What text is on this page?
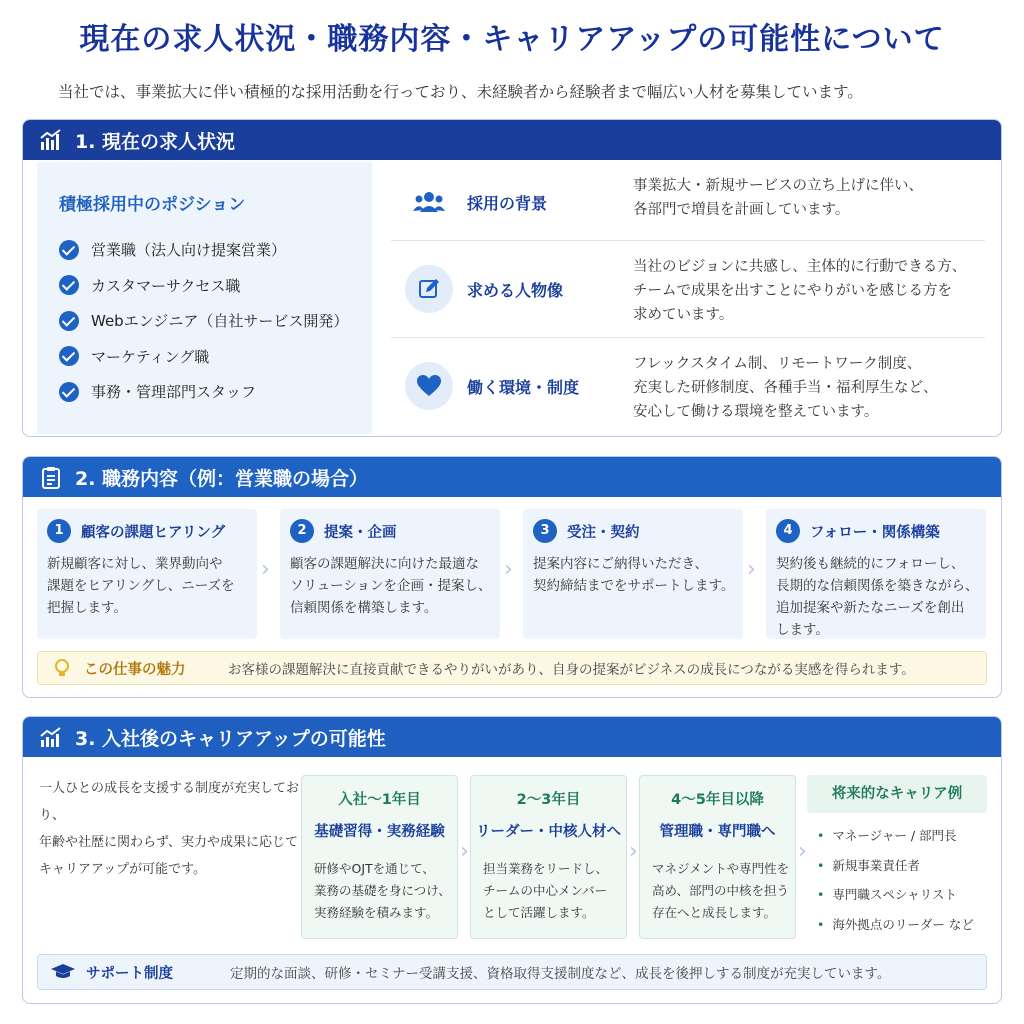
現在の求人状況・職務内容・キャリアアップの可能性について
当社では、事業拡大に伴い積極的な採用活動を行っており、未経験者から経験者まで幅広い人材を募集しています。
1. 現在の求人状況
積極採用中のポジション
営業職（法人向け提案営業）
カスタマーサクセス職
Webエンジニア（自社サービス開発）
マーケティング職
事務・管理部門スタッフ
採用の背景
事業拡大・新規サービスの立ち上げに伴い、
各部門で増員を計画しています。
求める人物像
当社のビジョンに共感し、主体的に行動できる方、
チームで成果を出すことにやりがいを感じる方を
求めています。
働く環境・制度
フレックスタイム制、リモートワーク制度、
充実した研修制度、各種手当・福利厚生など、
安心して働ける環境を整えています。
2. 職務内容（例：営業職の場合）
1	顧客の課題ヒアリング
新規顧客に対し、業界動向や
課題をヒアリングし、ニーズを
把握します。
›
2	提案・企画
顧客の課題解決に向けた最適な
ソリューションを企画・提案し、
信頼関係を構築します。
›
3	受注・契約
提案内容にご納得いただき、
契約締結までをサポートします。
›
4	フォロー・関係構築
契約後も継続的にフォローし、
長期的な信頼関係を築きながら、
追加提案や新たなニーズを創出
します。
この仕事の魅力	お客様の課題解決に直接貢献できるやりがいがあり、自身の提案がビジネスの成長につながる実感を得られます。
3. 入社後のキャリアアップの可能性
一人ひとの成長を支援する制度が充実しており、
年齢や社歴に関わらず、実力や成果に応じて
キャリアアップが可能です。
入社〜1年目
基礎習得・実務経験
研修やOJTを通じて、
業務の基礎を身につけ、
実務経験を積みます。
›
2〜3年目
リーダー・中核人材へ
担当業務をリードし、
チームの中心メンバー
として活躍します。
›
4〜5年目以降
管理職・専門職へ
マネジメントや専門性を
高め、部門の中核を担う
存在へと成長します。
›
将来的なキャリア例
• マネージャー / 部門長
• 新規事業責任者
• 専門職スペシャリスト
• 海外拠点のリーダー など
サポート制度	定期的な面談、研修・セミナー受講支援、資格取得支援制度など、成長を後押しする制度が充実しています。
